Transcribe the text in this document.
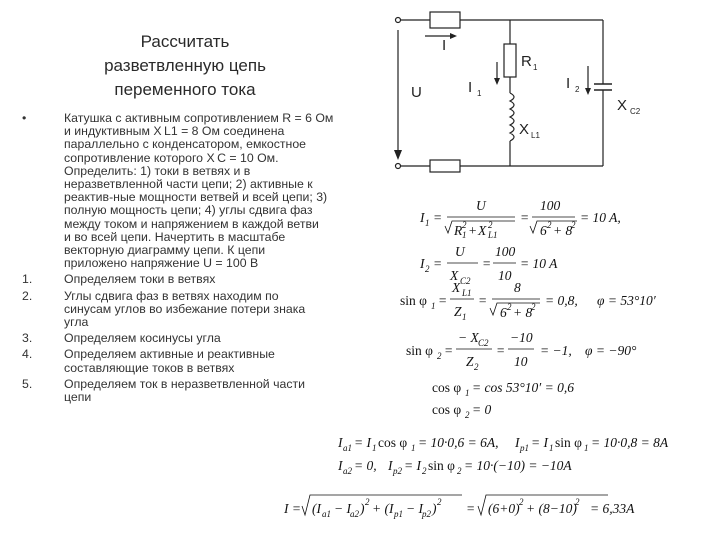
Рассчитать
разветвленную цепь
переменного тока
•	Катушка с активным сопротивлением R = 6 Ом
и индуктивным X L1 = 8 Ом соединена
параллельно с конденсатором, емкостное
сопротивление которого X C = 10 Ом.
Определить: 1) токи в ветвях и в
неразветвленной части цепи; 2) активные к
реактив-ные мощности ветвей и всей цепи; 3)
полную мощность цепи; 4) углы сдвига фаз
между током и напряжением в каждой ветви
и во всей цепи. Начертить в масштабе
векторную диаграмму цепи. К цепи
приложено напряжение U = 100 В
1.	Определяем токи в ветвях
2.	Углы сдвига фаз в ветвях находим по
синусам углов во избежание потери знака
угла
3.	Определяем косинусы угла
4.	Определяем активные и реактивные
составляющие токов в ветвях
5.	Определяем ток в неразветвленной части
цепи
I
U	I 1
R 1
X L1
I 2
X C2
I 1 =
U
R 2
1 + X 2
L1
=
100
6 2 + 8
2 = 10 A,
I 2 =
U
X C2
=
100
10
= 10 A
sin φ 1 =
X L1
Z 1
=
8
6 2 + 8
2 = 0,8, φ = 53°10′
sin φ 2 =
− X C2
Z 2
=
−10
10
= −1, φ = −90°
cos φ 1 = cos 53°10′ = 0,6
cos φ 2 = 0
I a1 = I 1 cos φ 1 = 10·0,6 = 6A, I p1 = I 1 sin φ 1 = 10·0,8 = 8A
I a2 = 0, I p2 = I 2 sin φ 2 = 10·(−10) = −10A
I = (I a1 − I a2 ) 2 + (I p1 − I p2 ) 2 = (6+0) 2 + (8−10)
2 = 6,33A
